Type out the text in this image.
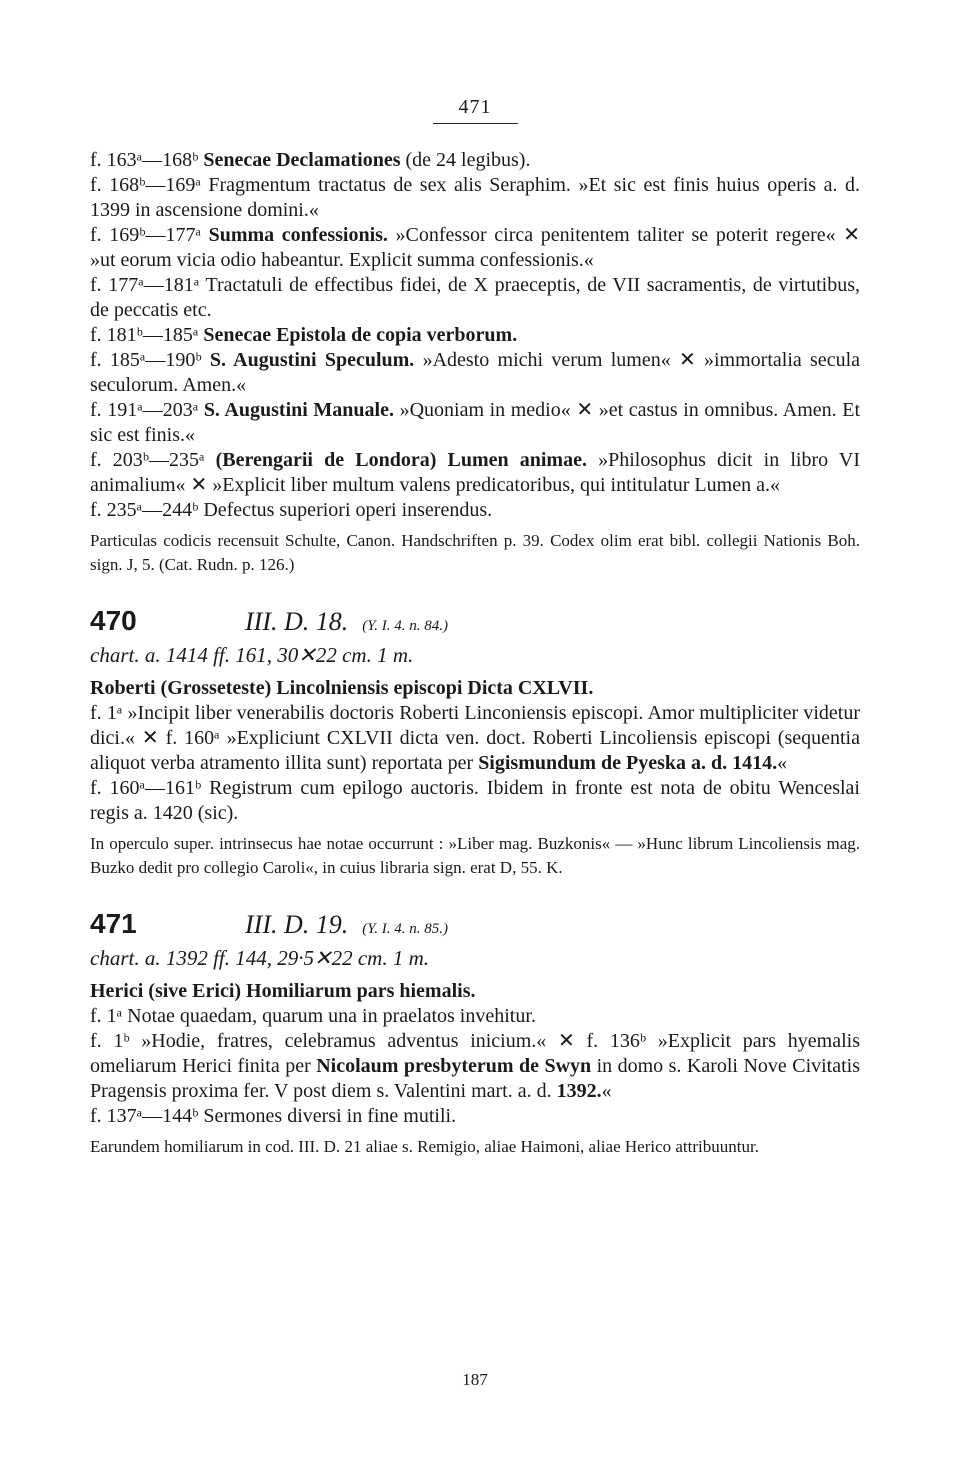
471

f. 163ᵃ—168ᵇ Senecae Declamationes (de 24 legibus).

f. 168ᵇ—169ᵃ Fragmentum tractatus de sex alis Seraphim. »Et sic est finis huius operis a. d. 1399 in ascensione domini.«

f. 169ᵇ—177ᵃ Summa confessionis. »Confessor circa penitentem taliter se poterit regere« ✕ »ut eorum vicia odio habeantur. Explicit summa confessionis.«

f. 177ᵃ—181ᵃ Tractatuli de effectibus fidei, de X praeceptis, de VII sacramentis, de virtutibus, de peccatis etc.

f. 181ᵇ—185ᵃ Senecae Epistola de copia verborum.

f. 185ᵃ—190ᵇ S. Augustini Speculum. »Adesto michi verum lumen« ✕ »immortalia secula seculorum. Amen.«

f. 191ᵃ—203ᵃ S. Augustini Manuale. »Quoniam in medio« ✕ »et castus in omnibus. Amen. Et sic est finis.«

f. 203ᵇ—235ᵃ (Berengarii de Londora) Lumen animae. »Philosophus dicit in libro VI animalium« ✕ »Explicit liber multum valens predicatoribus, qui intitulatur Lumen a.«

f. 235ᵃ—244ᵇ Defectus superiori operi inserendus.

Particulas codicis recensuit Schulte, Canon. Handschriften p. 39. Codex olim erat bibl. collegii Nationis Boh. sign. J, 5. (Cat. Rudn. p. 126.)

470	III. D. 18. (Y. I. 4. n. 84.)
chart. a. 1414 ff. 161, 30✕22 cm. 1 m.
Roberti (Grosseteste) Lincolniensis episcopi Dicta CXLVII.

f. 1ᵃ »Incipit liber venerabilis doctoris Roberti Linconiensis episcopi. Amor multipliciter videtur dici.« ✕ f. 160ᵃ »Expliciunt CXLVII dicta ven. doct. Roberti Lincoliensis episcopi (sequentia aliquot verba atramento illita sunt) reportata per Sigismundum de Pyeska a. d. 1414.«

f. 160ᵃ—161ᵇ Registrum cum epilogo auctoris. Ibidem in fronte est nota de obitu Wenceslai regis a. 1420 (sic).

In operculo super. intrinsecus hae notae occurrunt : »Liber mag. Buzkonis« — »Hunc librum Lincoliensis mag. Buzko dedit pro collegio Caroli«, in cuius libraria sign. erat D, 55. K.

471	III. D. 19. (Y. I. 4. n. 85.)
chart. a. 1392 ff. 144, 29·5✕22 cm. 1 m.
Herici (sive Erici) Homiliarum pars hiemalis.

f. 1ᵃ Notae quaedam, quarum una in praelatos invehitur.

f. 1ᵇ »Hodie, fratres, celebramus adventus inicium.« ✕ f. 136ᵇ »Explicit pars hyemalis omeliarum Herici finita per Nicolaum presbyterum de Swyn in domo s. Karoli Nove Civitatis Pragensis proxima fer. V post diem s. Valentini mart. a. d. 1392.«

f. 137ᵃ—144ᵇ Sermones diversi in fine mutili.

Earundem homiliarum in cod. III. D. 21 aliae s. Remigio, aliae Haimoni, aliae Herico attribuuntur.

187
